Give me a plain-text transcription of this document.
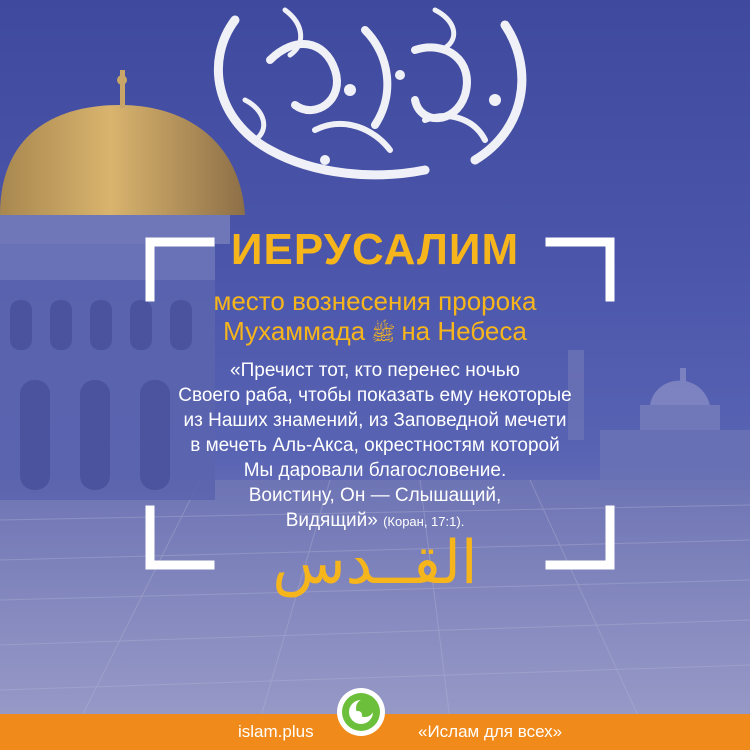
ИЕРУСАЛИМ
место вознесения пророка
Мухаммада ﷺ на Небеса
«Пречист тот, кто перенес ночью
Своего раба, чтобы показать ему некоторые
из Наших знамений, из Заповедной мечети
в мечеть Аль-Акса, окрестностям которой
Мы даровали благословение.
Воистину, Он — Слышащий,
Видящий» (Коран, 17:1).
القــدس
islam.plus	«Ислам для всех»
